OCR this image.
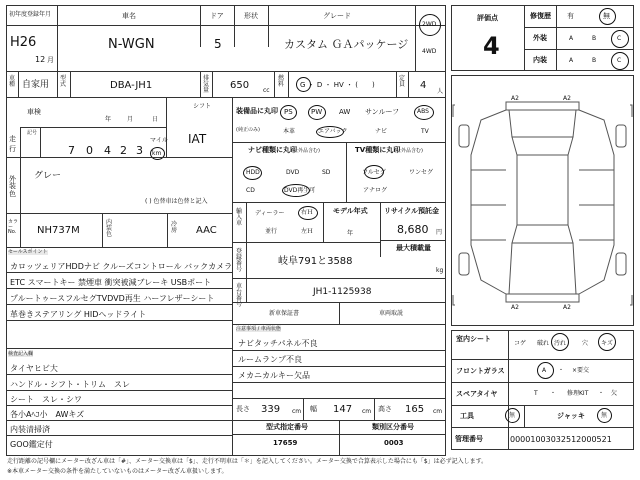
初年度登録年月
H26
12 月
車名
N-WGN
ドア
5
形状	グレード
カスタム ＧＡパッケージ
2WD
4WD
車種 自家用
型式	DBA-JH1
排気量 650 cc
燃料 G ・ D ・ HV ・ (　　)
定員 4
人
車検
年	月	日
シフト
IAT
走
行
記号
7 0 4 2 3
マイル
km
外装色
グレー
( ) 色替車は色替と記入
カラー No. NH737M
内装色
冷房 AAC
セールスポイント
カロッツェリアHDDナビ クルーズコントロール バックカメラ
ETC スマートキー 禁煙車 衝突被減ブレーキ USBポート
プルートゥースフルセグTVDVD再生 ハーフレザーシート
革巻きステアリング HIDヘッドライト
検査記入欄
タイヤヒビ大
ハンドル・シフト・トリム　スレ
シート　スレ・シワ
各小Aﾍｺ小　AWキズ
内装清掃済
GOO鑑定付
装備品に丸印
(純正のみ)
PS	PW AW サンルーフ	ABS
本革	エアバック	ナビ	TV
ナビ種類に丸印
(社外品含む)	TV種類に丸印
(社外品含む)
HDD	DVD	SD
CD	DVD再生可
フルセグ	ワンセグ
アナログ
輸入車
ディーラー	右Ｈ
並行	左Ｈ
モデル年式
年
リサイクル預託金
8,680 円
最大積載量
kg
登録番号
岐阜791と3588
車台番号
JH1-1125938
新車保証書	車両取説
注意事項 / 車両状態
ナビタッチパネル不良
ルームランプ不良
メカニカルキー欠品
長さ 339 cm 幅 147 cm 高さ 165 cm
型式指定番号	類別区分番号
17659	0003
評価点
4
修復歴 有	無
外装	A	B	C
内装	A	B	C
A2	A2
A2	A2
室内シート
コゲ 破れ 汚れ	穴 キズ
フロントガラス	A ・ ×要交
スペアタイヤ	T ・ 修理KIT ・ 欠
工具	無	ジャッキ	無
管理番号	00001003032512000521
走行距離の記号欄にメーター改ざん車は「#」、メーター交換車は「$」、走行不明車は「＊」を記入してください。メーター交換で合算表示した場合にも「$」は必ず記入します。
※本車メーター交換の条件を満たしていないものはメーター改ざん車扱いします。
